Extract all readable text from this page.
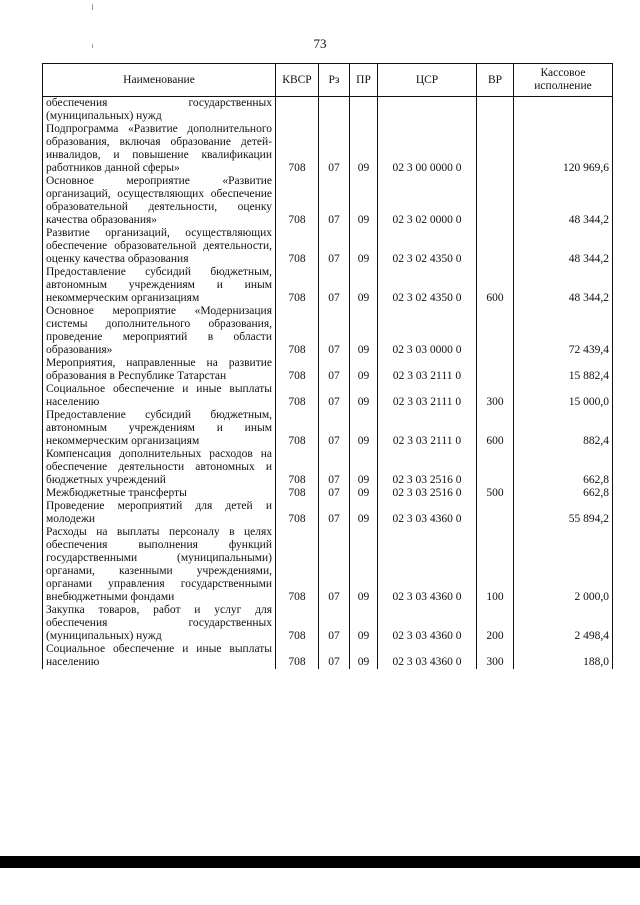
73
Наименование	КВСР	Рз	ПР	ЦСР	ВР	Кассовое исполнение
обеспечения государственных (муниципальных) нужд						
Подпрограмма «Развитие дополнительного образования, включая образование детей-инвалидов, и повышение квалификации работников данной сферы»	708	07	09	02 3 00 0000 0		120 969,6
Основное мероприятие «Развитие организаций, осуществляющих обеспечение образовательной деятельности, оценку качества образования»	708	07	09	02 3 02 0000 0		48 344,2
Развитие организаций, осуществляющих обеспечение образовательной деятельности, оценку качества образования	708	07	09	02 3 02 4350 0		48 344,2
Предоставление субсидий бюджетным, автономным учреждениям и иным некоммерческим организациям	708	07	09	02 3 02 4350 0	600	48 344,2
Основное мероприятие «Модернизация системы дополнительного образования, проведение мероприятий в области образования»	708	07	09	02 3 03 0000 0		72 439,4
Мероприятия, направленные на развитие образования в Республике Татарстан	708	07	09	02 3 03 2111 0		15 882,4
Социальное обеспечение и иные выплаты населению	708	07	09	02 3 03 2111 0	300	15 000,0
Предоставление субсидий бюджетным, автономным учреждениям и иным некоммерческим организациям	708	07	09	02 3 03 2111 0	600	882,4
Компенсация дополнительных расходов на обеспечение деятельности автономных и бюджетных учреждений	708	07	09	02 3 03 2516 0		662,8
Межбюджетные трансферты	708	07	09	02 3 03 2516 0	500	662,8
Проведение мероприятий для детей и молодежи	708	07	09	02 3 03 4360 0		55 894,2
Расходы на выплаты персоналу в целях обеспечения выполнения функций государственными (муниципальными) органами, казенными учреждениями, органами управления государственными внебюджетными фондами	708	07	09	02 3 03 4360 0	100	2 000,0
Закупка товаров, работ и услуг для обеспечения государственных (муниципальных) нужд	708	07	09	02 3 03 4360 0	200	2 498,4
Социальное обеспечение и иные выплаты населению	708	07	09	02 3 03 4360 0	300	188,0
